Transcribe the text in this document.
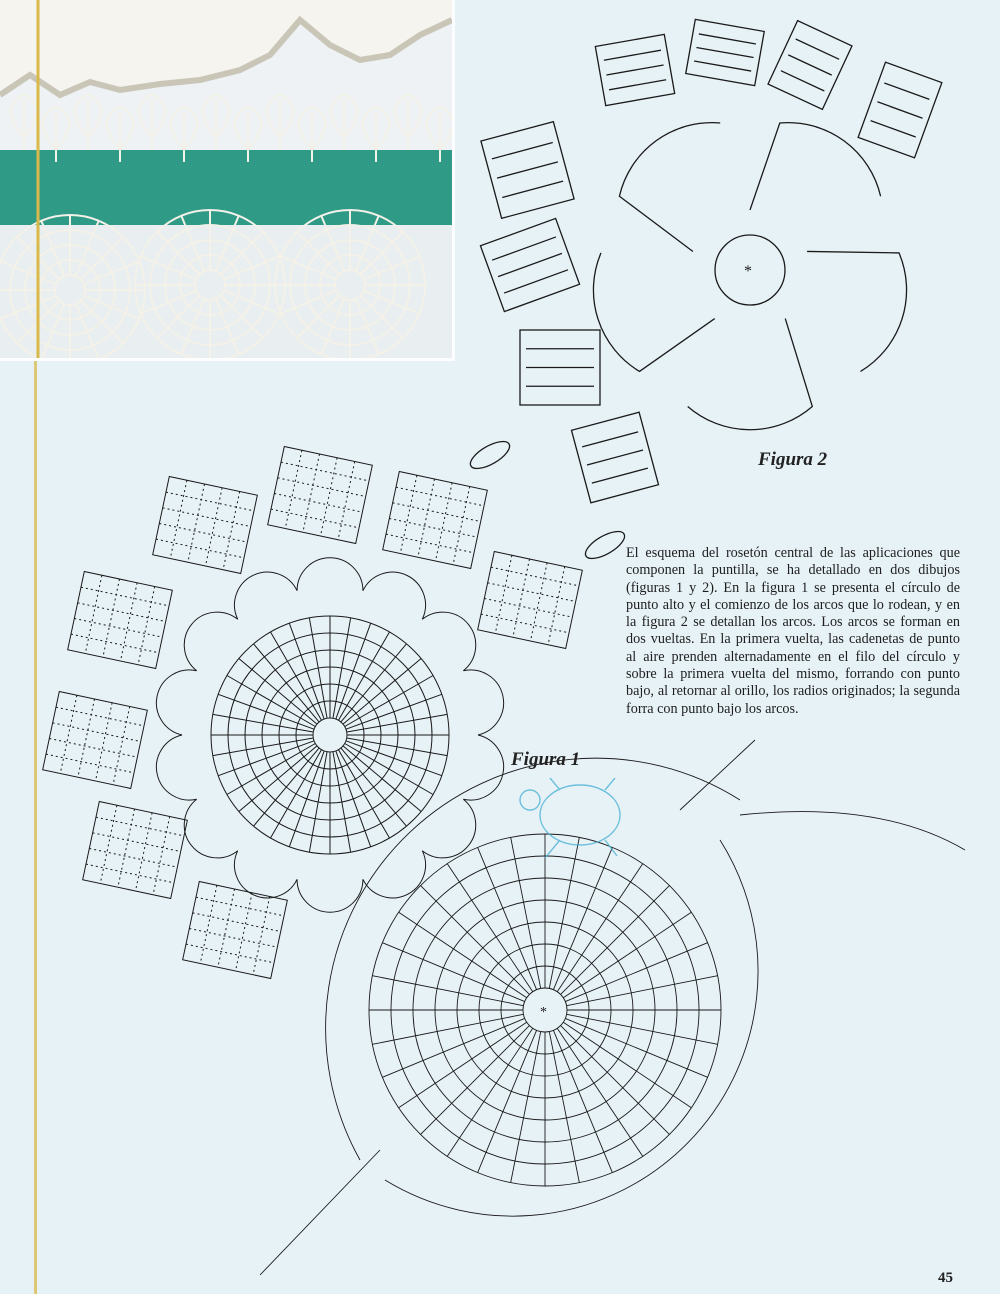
*
*
Figura 2
Figura 1
El esquema del rosetón central de las aplicaciones que componen la puntilla, se ha detallado en dos dibujos (figuras 1 y 2). En la figura 1 se presenta el círculo de punto alto y el comienzo de los arcos que lo rodean, y en la figura 2 se detallan los arcos. Los arcos se forman en dos vueltas. En la primera vuelta, las cadenetas de punto al aire prenden alternadamente en el filo del círculo y sobre la primera vuelta del mismo, forrando con punto bajo, al retornar al orillo, los radios originados; la segunda forra con punto bajo los arcos.
45
